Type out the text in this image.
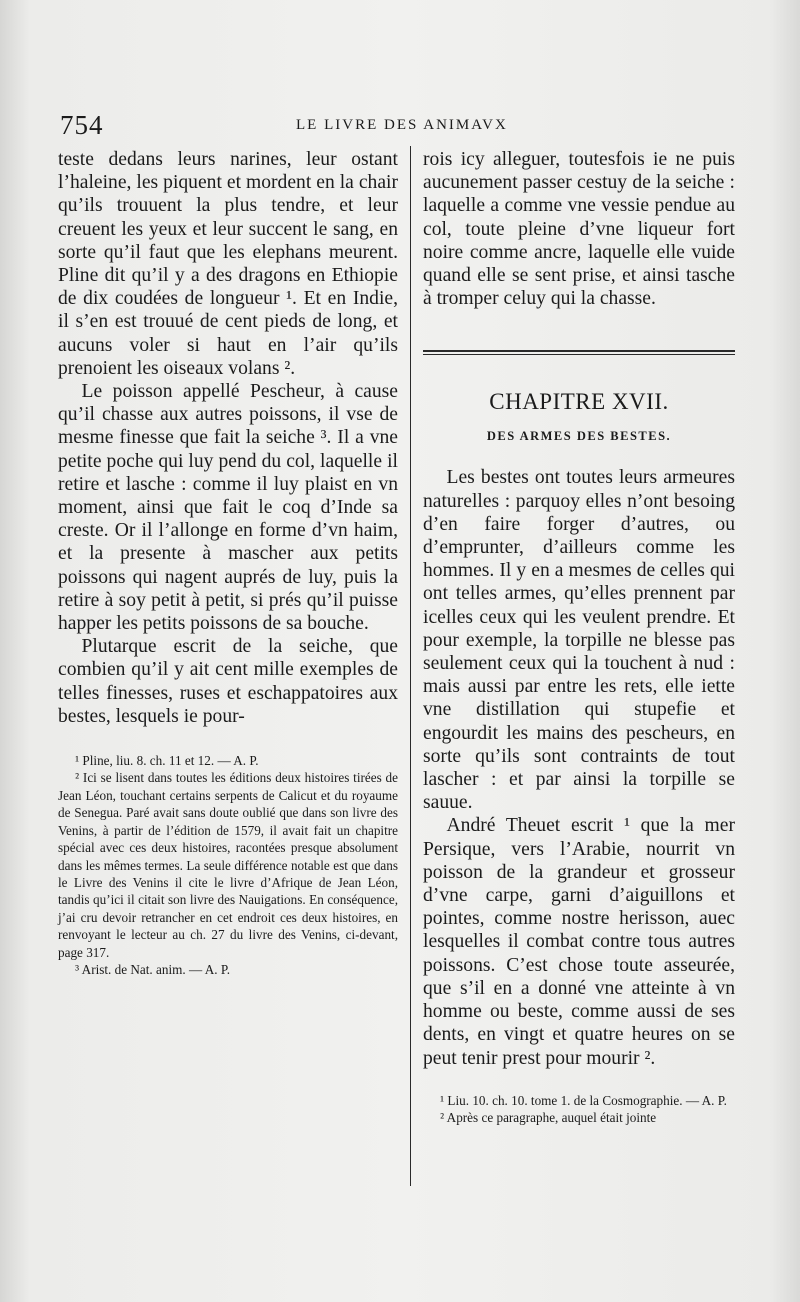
754	LE LIVRE DES ANIMAVX

teste dedans leurs narines, leur ostant l’haleine, les piquent et mordent en la chair qu’ils trouuent la plus tendre, et leur creuent les yeux et leur succent le sang, en sorte qu’il faut que les elephans meurent. Pline dit qu’il y a des dragons en Ethiopie de dix coudées de longueur ¹. Et en Indie, il s’en est trouué de cent pieds de long, et aucuns voler si haut en l’air qu’ils prenoient les oiseaux volans ².

Le poisson appellé Pescheur, à cause qu’il chasse aux autres poissons, il vse de mesme finesse que fait la seiche ³. Il a vne petite poche qui luy pend du col, laquelle il retire et lasche : comme il luy plaist en vn moment, ainsi que fait le coq d’Inde sa creste. Or il l’allonge en forme d’vn haim, et la presente à mascher aux petits poissons qui nagent auprés de luy, puis la retire à soy petit à petit, si prés qu’il puisse happer les petits poissons de sa bouche.

Plutarque escrit de la seiche, que combien qu’il y ait cent mille exemples de telles finesses, ruses et eschappatoires aux bestes, lesquels ie pour-

¹ Pline, liu. 8. ch. 11 et 12. — A. P.

² Ici se lisent dans toutes les éditions deux histoires tirées de Jean Léon, touchant certains serpents de Calicut et du royaume de Senegua. Paré avait sans doute oublié que dans son livre des Venins, à partir de l’édition de 1579, il avait fait un chapitre spécial avec ces deux histoires, racontées presque absolument dans les mêmes termes. La seule différence notable est que dans le Livre des Venins il cite le livre d’Afrique de Jean Léon, tandis qu’ici il citait son livre des Nauigations. En conséquence, j’ai cru devoir retrancher en cet endroit ces deux histoires, en renvoyant le lecteur au ch. 27 du livre des Venins, ci-devant, page 317.

³ Arist. de Nat. anim. — A. P.

rois icy alleguer, toutesfois ie ne puis aucunement passer cestuy de la seiche : laquelle a comme vne vessie pendue au col, toute pleine d’vne liqueur fort noire comme ancre, laquelle elle vuide quand elle se sent prise, et ainsi tasche à tromper celuy qui la chasse.

CHAPITRE XVII.
DES ARMES DES BESTES.

Les bestes ont toutes leurs armeures naturelles : parquoy elles n’ont besoing d’en faire forger d’autres, ou d’emprunter, d’ailleurs comme les hommes. Il y en a mesmes de celles qui ont telles armes, qu’elles prennent par icelles ceux qui les veulent prendre. Et pour exemple, la torpille ne blesse pas seulement ceux qui la touchent à nud : mais aussi par entre les rets, elle iette vne distillation qui stupefie et engourdit les mains des pescheurs, en sorte qu’ils sont contraints de tout lascher : et par ainsi la torpille se sauue.

André Theuet escrit ¹ que la mer Persique, vers l’Arabie, nourrit vn poisson de la grandeur et grosseur d’vne carpe, garni d’aiguillons et pointes, comme nostre herisson, auec lesquelles il combat contre tous autres poissons. C’est chose toute asseurée, que s’il en a donné vne atteinte à vn homme ou beste, comme aussi de ses dents, en vingt et quatre heures on se peut tenir prest pour mourir ².

¹ Liu. 10. ch. 10. tome 1. de la Cosmographie. — A. P.

² Après ce paragraphe, auquel était jointe
